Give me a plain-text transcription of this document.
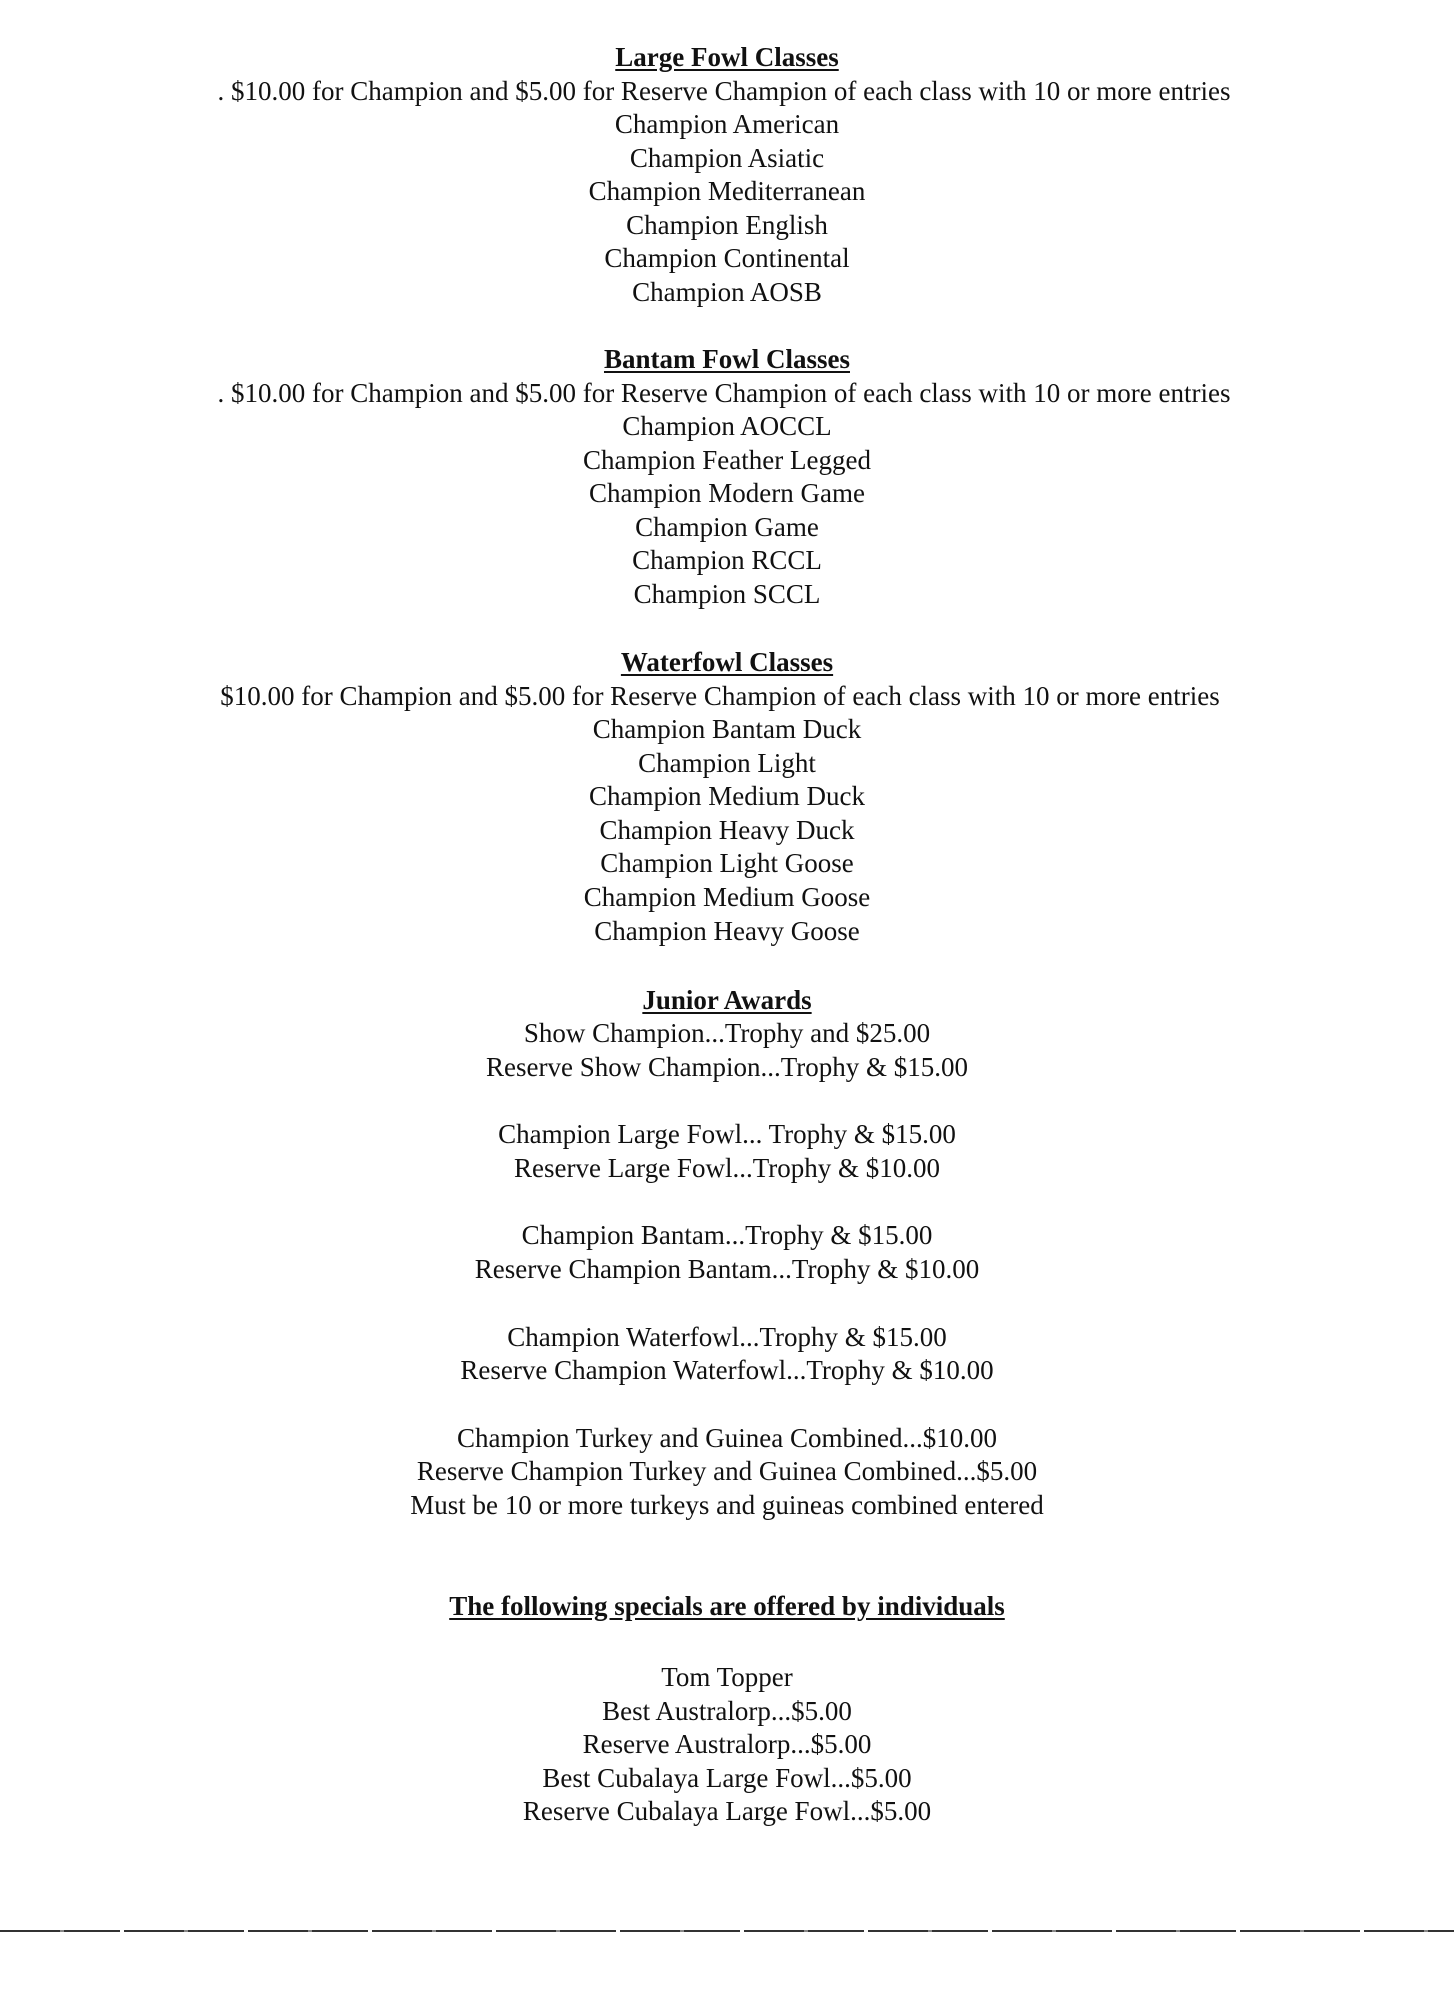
Large Fowl Classes
. $10.00 for Champion and $5.00 for Reserve Champion of each class with 10 or more entries
Champion American
Champion Asiatic
Champion Mediterranean
Champion English
Champion Continental
Champion AOSB
Bantam Fowl Classes
. $10.00 for Champion and $5.00 for Reserve Champion of each class with 10 or more entries
Champion AOCCL
Champion Feather Legged
Champion Modern Game
Champion Game
Champion RCCL
Champion SCCL
Waterfowl Classes
$10.00 for Champion and $5.00 for Reserve Champion of each class with 10 or more entries
Champion Bantam Duck
Champion Light
Champion Medium Duck
Champion Heavy Duck
Champion Light Goose
Champion Medium Goose
Champion Heavy Goose
Junior Awards
Show Champion...Trophy and $25.00
Reserve Show Champion...Trophy & $15.00
Champion Large Fowl... Trophy & $15.00
Reserve Large Fowl...Trophy & $10.00
Champion Bantam...Trophy & $15.00
Reserve Champion Bantam...Trophy & $10.00
Champion Waterfowl...Trophy & $15.00
Reserve Champion Waterfowl...Trophy & $10.00
Champion Turkey and Guinea Combined...$10.00
Reserve Champion Turkey and Guinea Combined...$5.00
Must be 10 or more turkeys and guineas combined entered
The following specials are offered by individuals
Tom Topper
Best Australorp...$5.00
Reserve Australorp...$5.00
Best Cubalaya Large Fowl...$5.00
Reserve Cubalaya Large Fowl...$5.00
